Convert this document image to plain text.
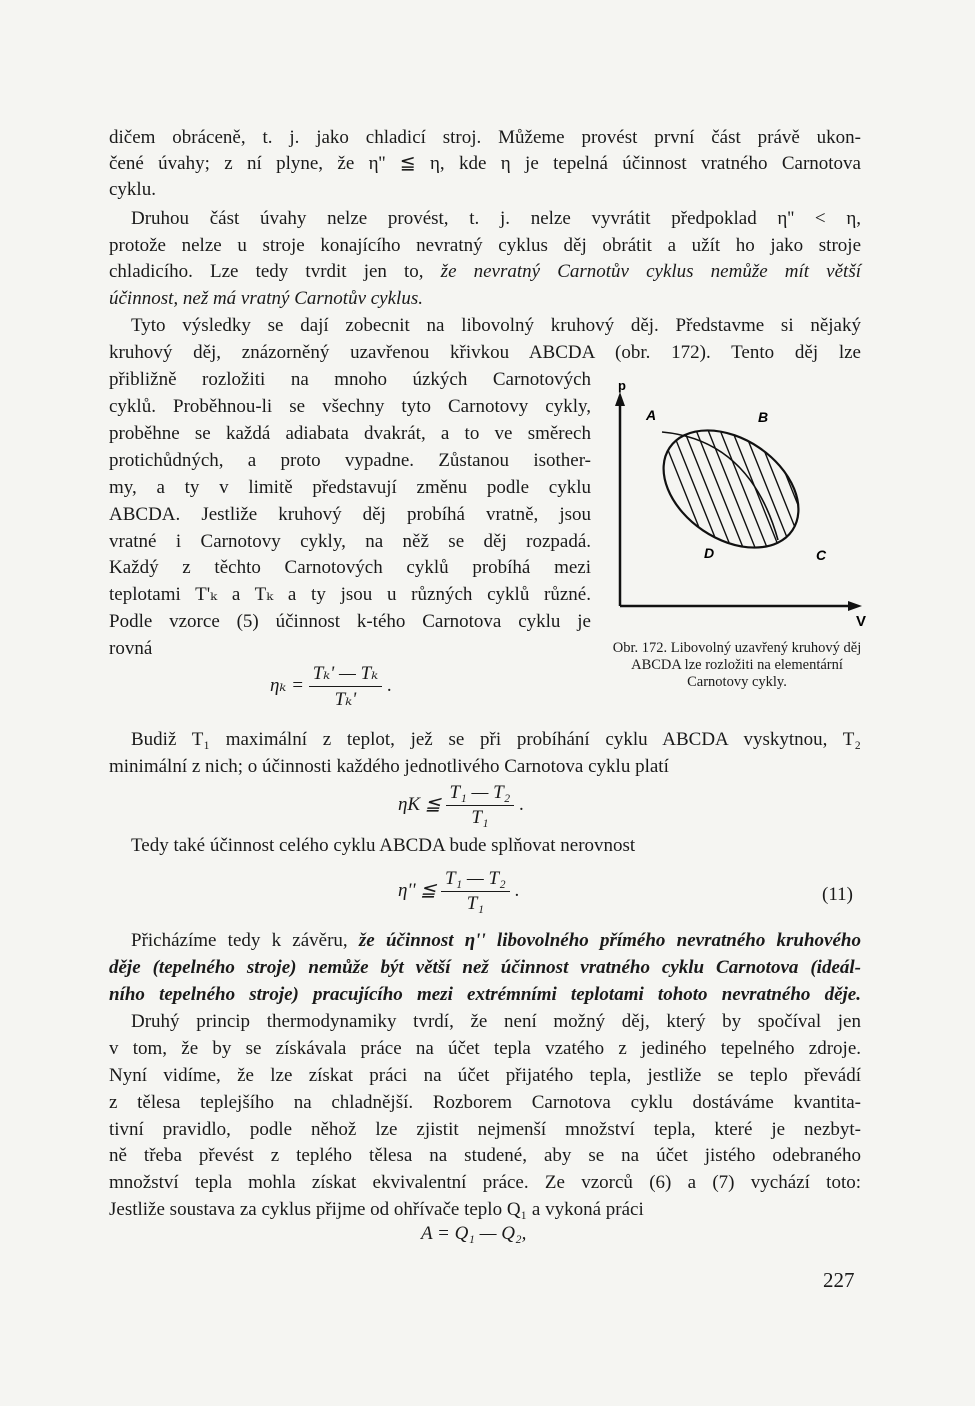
dičem obráceně, t. j. jako chladicí stroj. Můžeme provést první část právě ukon-
čené úvahy; z ní plyne, že η'' ≦ η, kde η je tepelná účinnost vratného Carnotova
cyklu.
Druhou část úvahy nelze provést, t. j. nelze vyvrátit předpoklad η'' < η,
protože nelze u stroje konajícího nevratný cyklus děj obrátit a užít ho jako stroje
chladicího. Lze tedy tvrdit jen to, že nevratný Carnotův cyklus nemůže mít větší
účinnost, než má vratný Carnotův cyklus.
Tyto výsledky se dají zobecnit na libovolný kruhový děj. Představme si nějaký
kruhový děj, znázorněný uzavřenou křivkou ABCDA (obr. 172). Tento děj lze
přibližně rozložiti na mnoho úzkých Carnotových
cyklů. Proběhnou-li se všechny tyto Carnotovy cykly,
proběhne se každá adiabata dvakrát, a to ve směrech
protichůdných, a proto vypadne. Zůstanou isother-
my, a ty v limitě představují změnu podle cyklu
ABCDA. Jestliže kruhový děj probíhá vratně, jsou
vratné i Carnotovy cykly, na něž se děj rozpadá.
Každý z těchto Carnotových cyklů probíhá mezi
teplotami T'ₖ a Tₖ a ty jsou u různých cyklů různé.
Podle vzorce (5) účinnost k-tého Carnotova cyklu je
rovná
p
V
A	B
C
D
Obr. 172. Libovolný uzavřený kruhový děj ABCDA lze rozložiti na elementární Carnotovy cykly.
$\eta_k = \frac{\text{Tₖ' — Tₖ}}{\text{Tₖ'}}$ .
Budiž T₁ maximální z teplot, jež se při probíhání cyklu ABCDA vyskytnou, T₂
minimální z nich; o účinnosti každého jednotlivého Carnotova cyklu platí
ηK ≦ $\frac{\text{T₁ — T₂}}{\text{T₁}}$ .
Tedy také účinnost celého cyklu ABCDA bude splňovat nerovnost
η'' ≦ $\frac{\text{T₁ — T₂}}{\text{T₁}}$ .	(11)
Přicházíme tedy k závěru, že účinnost η'' libovolného přímého nevratného kruhového
děje (tepelného stroje) nemůže být větší než účinnost vratného cyklu Carnotova (ideál-
ního tepelného stroje) pracujícího mezi extrémními teplotami tohoto nevratného děje.
Druhý princip thermodynamiky tvrdí, že není možný děj, který by spočíval jen
v tom, že by se získávala práce na účet tepla vzatého z jediného tepelného zdroje.
Nyní vidíme, že lze získat práci na účet přijatého tepla, jestliže se teplo převádí
z tělesa teplejšího na chladnější. Rozborem Carnotova cyklu dostáváme kvantita-
tivní pravidlo, podle něhož lze zjistit nejmenší množství tepla, které je nezbyt-
ně třeba převést z teplého tělesa na studené, aby se na účet jistého odebraného
množství tepla mohla získat ekvivalentní práce. Ze vzorců (6) a (7) vychází toto:
Jestliže soustava za cyklus přijme od ohřívače teplo Q₁ a vykoná práci
A = Q₁ — Q₂,
227
